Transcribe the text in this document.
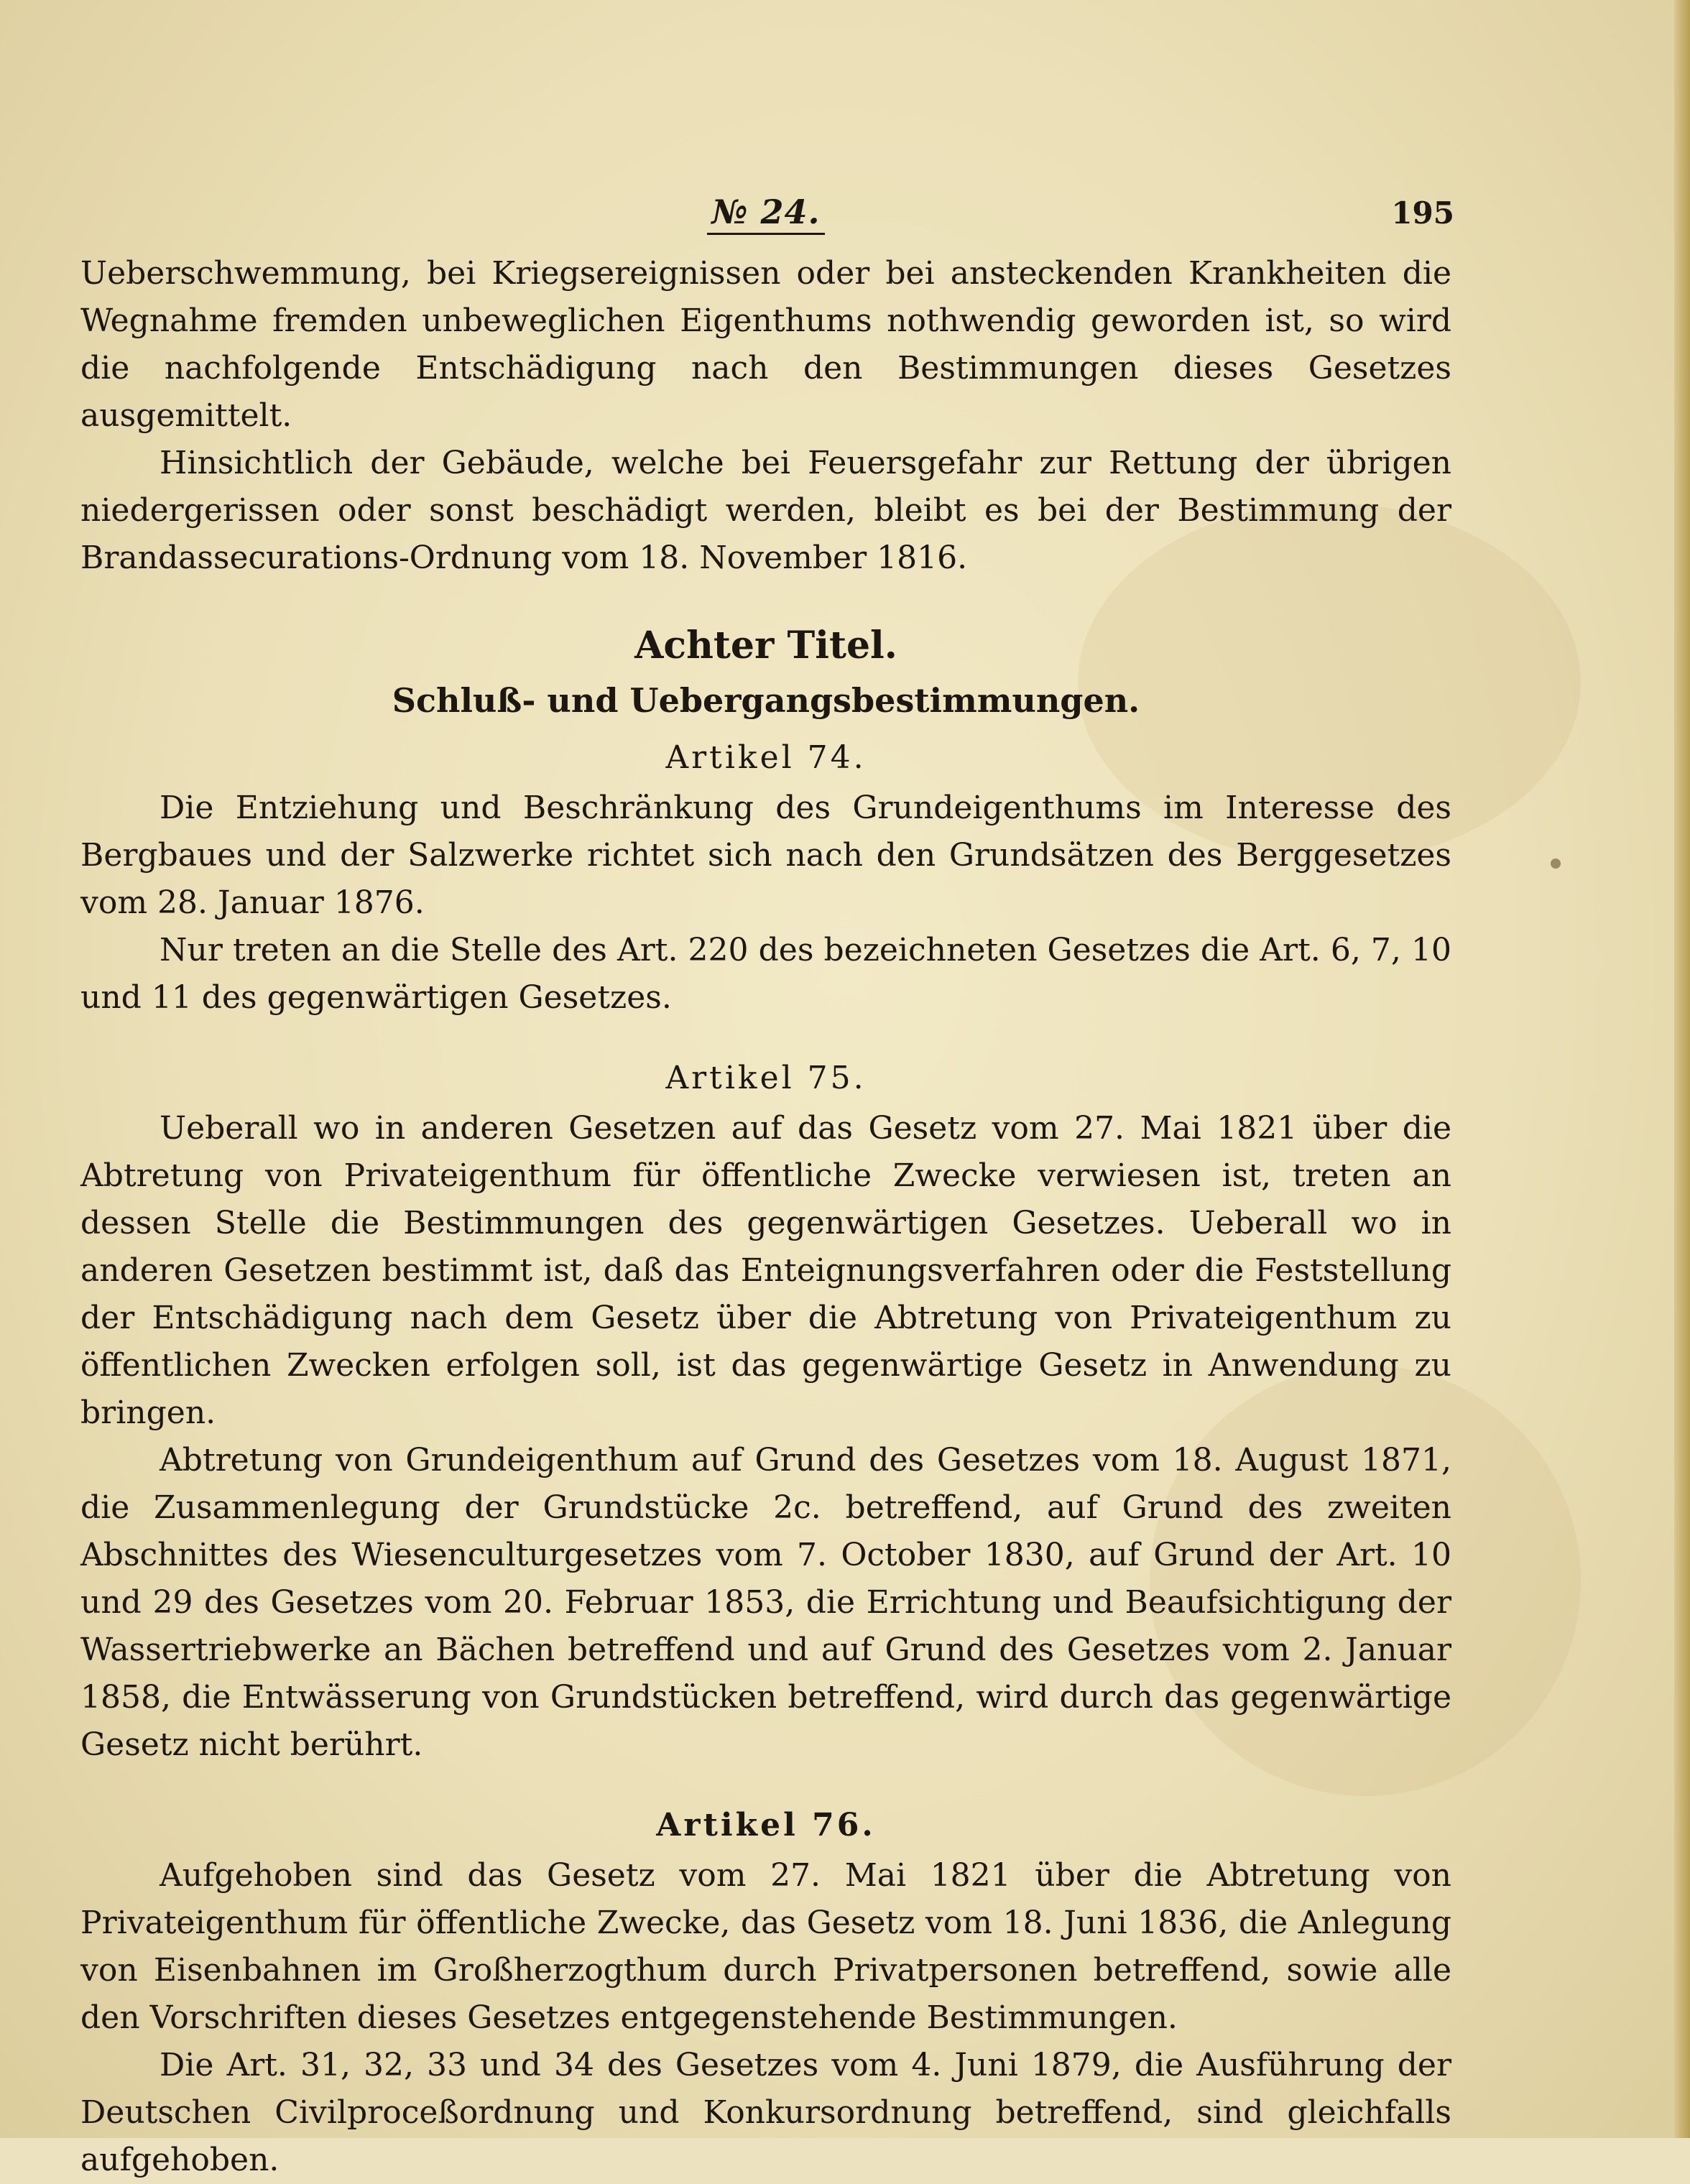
№ 24.	195

Ueberschwemmung, bei Kriegsereignissen oder bei ansteckenden Krankheiten die Wegnahme fremden unbeweglichen Eigenthums nothwendig geworden ist, so wird die nachfolgende Entschädigung nach den Bestimmungen dieses Gesetzes ausgemittelt.

Hinsichtlich der Gebäude, welche bei Feuersgefahr zur Rettung der übrigen niedergerissen oder sonst beschädigt werden, bleibt es bei der Bestimmung der Brandassecurations-Ordnung vom 18. November 1816.

Achter Titel.
Schluß- und Uebergangsbestimmungen.
Artikel 74.

Die Entziehung und Beschränkung des Grundeigenthums im Interesse des Bergbaues und der Salzwerke richtet sich nach den Grundsätzen des Berggesetzes vom 28. Januar 1876.

Nur treten an die Stelle des Art. 220 des bezeichneten Gesetzes die Art. 6, 7, 10 und 11 des gegenwärtigen Gesetzes.

Artikel 75.

Ueberall wo in anderen Gesetzen auf das Gesetz vom 27. Mai 1821 über die Abtretung von Privateigenthum für öffentliche Zwecke verwiesen ist, treten an dessen Stelle die Bestimmungen des gegenwärtigen Gesetzes. Ueberall wo in anderen Gesetzen bestimmt ist, daß das Enteignungsverfahren oder die Feststellung der Entschädigung nach dem Gesetz über die Abtretung von Privateigenthum zu öffentlichen Zwecken erfolgen soll, ist das gegenwärtige Gesetz in Anwendung zu bringen.

Abtretung von Grundeigenthum auf Grund des Gesetzes vom 18. August 1871, die Zusammenlegung der Grundstücke 2c. betreffend, auf Grund des zweiten Abschnittes des Wiesenculturgesetzes vom 7. October 1830, auf Grund der Art. 10 und 29 des Gesetzes vom 20. Februar 1853, die Errichtung und Beaufsichtigung der Wassertriebwerke an Bächen betreffend und auf Grund des Gesetzes vom 2. Januar 1858, die Entwässerung von Grundstücken betreffend, wird durch das gegenwärtige Gesetz nicht berührt.

Artikel 76.

Aufgehoben sind das Gesetz vom 27. Mai 1821 über die Abtretung von Privateigenthum für öffentliche Zwecke, das Gesetz vom 18. Juni 1836, die Anlegung von Eisenbahnen im Großherzogthum durch Privatpersonen betreffend, sowie alle den Vorschriften dieses Gesetzes entgegenstehende Bestimmungen.

Die Art. 31, 32, 33 und 34 des Gesetzes vom 4. Juni 1879, die Ausführung der Deutschen Civilproceßordnung und Konkursordnung betreffend, sind gleichfalls aufgehoben.
